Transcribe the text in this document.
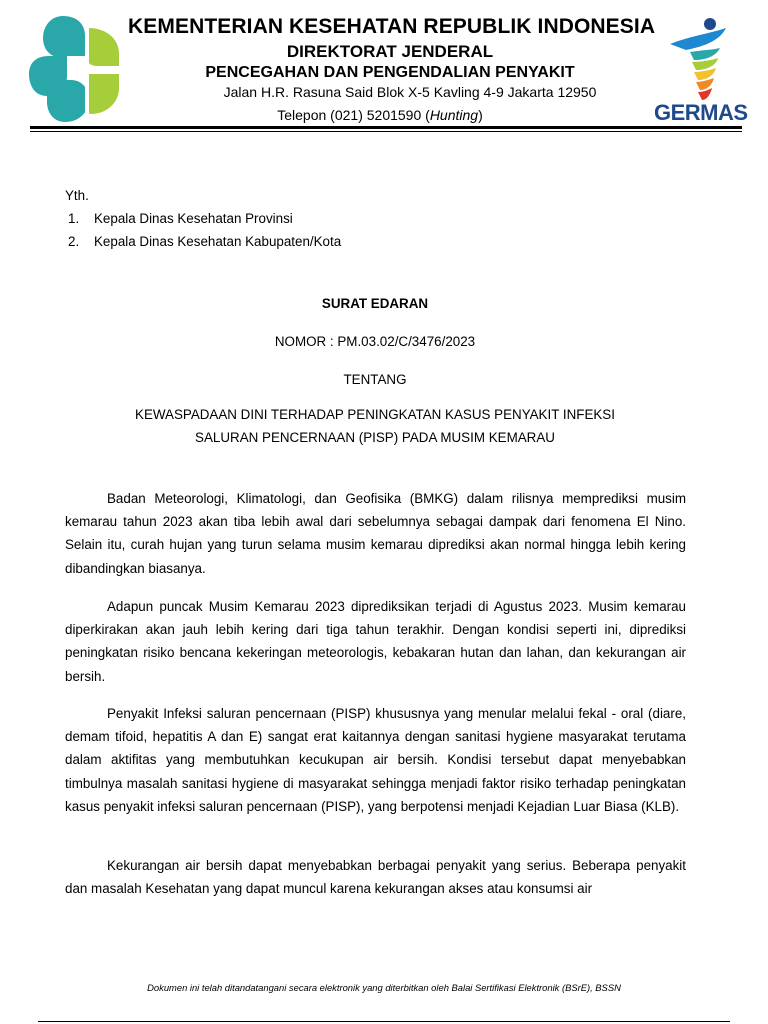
KEMENTERIAN KESEHATAN REPUBLIK INDONESIA
DIREKTORAT JENDERAL
PENCEGAHAN DAN PENGENDALIAN PENYAKIT
Jalan H.R. Rasuna Said Blok X-5 Kavling 4-9 Jakarta 12950
Telepon (021) 5201590 (Hunting)	GERMAS
Yth.
1. Kepala Dinas Kesehatan Provinsi
2. Kepala Dinas Kesehatan Kabupaten/Kota
SURAT EDARAN
NOMOR : PM.03.02/C/3476/2023
TENTANG
KEWASPADAAN DINI TERHADAP PENINGKATAN KASUS PENYAKIT INFEKSI
SALURAN PENCERNAAN (PISP) PADA MUSIM KEMARAU

Badan Meteorologi, Klimatologi, dan Geofisika (BMKG) dalam rilisnya memprediksi musim kemarau tahun 2023 akan tiba lebih awal dari sebelumnya sebagai dampak dari fenomena El Nino. Selain itu, curah hujan yang turun selama musim kemarau diprediksi akan normal hingga lebih kering dibandingkan biasanya.

Adapun puncak Musim Kemarau 2023 diprediksikan terjadi di Agustus 2023. Musim kemarau diperkirakan akan jauh lebih kering dari tiga tahun terakhir. Dengan kondisi seperti ini, diprediksi peningkatan risiko bencana kekeringan meteorologis, kebakaran hutan dan lahan, dan kekurangan air bersih.

Penyakit Infeksi saluran pencernaan (PISP) khususnya yang menular melalui fekal - oral (diare, demam tifoid, hepatitis A dan E) sangat erat kaitannya dengan sanitasi hygiene masyarakat terutama dalam aktifitas yang membutuhkan kecukupan air bersih. Kondisi tersebut dapat menyebabkan timbulnya masalah sanitasi hygiene di masyarakat sehingga menjadi faktor risiko terhadap peningkatan kasus penyakit infeksi saluran pencernaan (PISP), yang berpotensi menjadi Kejadian Luar Biasa (KLB).

Kekurangan air bersih dapat menyebabkan berbagai penyakit yang serius. Beberapa penyakit dan masalah Kesehatan yang dapat muncul karena kekurangan akses atau konsumsi air

Dokumen ini telah ditandatangani secara elektronik yang diterbitkan oleh Balai Sertifikasi Elektronik (BSrE), BSSN
